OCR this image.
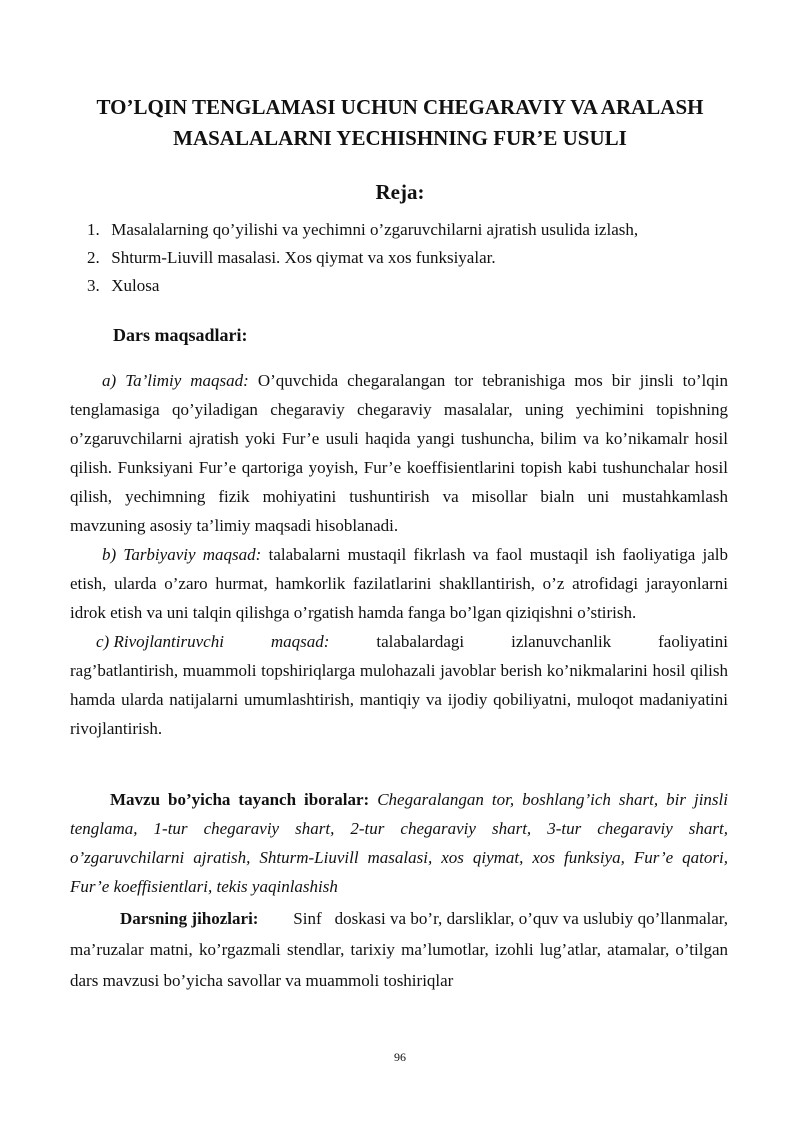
TO’LQIN TENGLAMASI UCHUN CHEGARAVIY VA ARALASH
MASALALARNI YECHISHNING FUR’E USULI
Reja:
1. Masalalarning qo’yilishi va yechimni o’zgaruvchilarni ajratish usulida izlash,
2. Shturm-Liuvill masalasi. Xos qiymat va xos funksiyalar.
3. Xulosa
Dars maqsadlari:

a) Ta’limiy maqsad: O’quvchida chegaralangan tor tebranishiga mos bir jinsli to’lqin tenglamasiga qo’yiladigan chegaraviy chegaraviy masalalar, uning yechimini topishning o’zgaruvchilarni ajratish yoki Fur’e usuli haqida yangi tushuncha, bilim va ko’nikamalr hosil qilish. Funksiyani Fur’e qartoriga yoyish, Fur’e koeffisientlarini topish kabi tushunchalar hosil qilish, yechimning fizik mohiyatini tushuntirish va misollar bialn uni mustahkamlash mavzuning asosiy ta’limiy maqsadi hisoblanadi.

b) Tarbiyaviy maqsad: talabalarni mustaqil fikrlash va faol mustaqil ish faoliyatiga jalb etish, ularda o’zaro hurmat, hamkorlik fazilatlarini shakllantirish, o’z atrofidagi jarayonlarni idrok etish va uni talqin qilishga o’rgatish hamda fanga bo’lgan qiziqishni o’stirish.

c) Rivojlantiruvchi	maqsad:	talabalardagi	izlanuvchanlik	faoliyatini

rag’batlantirish, muammoli topshiriqlarga mulohazali javoblar berish ko’nikmalarini hosil qilish hamda ularda natijalarni umumlashtirish, mantiqiy va ijodiy qobiliyatni, muloqot madaniyatini rivojlantirish.

Mavzu bo’yicha tayanch iboralar: Chegaralangan tor, boshlang’ich shart, bir jinsli tenglama, 1-tur chegaraviy shart, 2-tur chegaraviy shart, 3-tur chegaraviy shart, o’zgaruvchilarni ajratish, Shturm-Liuvill masalasi, xos qiymat, xos funksiya, Fur’e qatori, Fur’e koeffisientlari, tekis yaqinlashish

Darsning jihozlari:        Sinf   doskasi va bo’r, darsliklar, o’quv va uslubiy qo’llanmalar, ma’ruzalar matni, ko’rgazmali stendlar, tarixiy ma’lumotlar, izohli lug’atlar, atamalar, o’tilgan dars mavzusi bo’yicha savollar va muammoli toshiriqlar

96
